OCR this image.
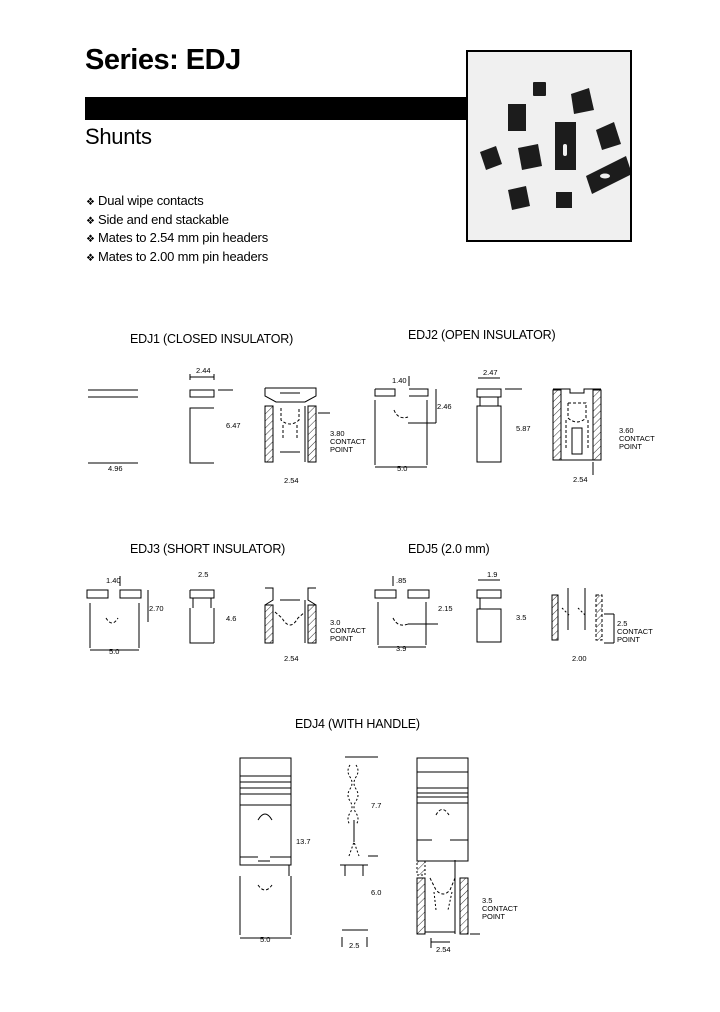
Series: EDJ
Shunts
❖ Dual wipe contacts
❖ Side and end stackable
❖ Mates to 2.54 mm pin headers
❖ Mates to 2.00 mm pin headers
EDJ1 (CLOSED INSULATOR)	EDJ2 (OPEN INSULATOR)
EDJ3 (SHORT INSULATOR)	EDJ5 (2.0 mm)
EDJ4 (WITH HANDLE)
4.96
2.44
6.47
3.80
CONTACT
POINT
2.54
1.40
2.46
5.0
2.47
5.87	3.60
CONTACT
POINT
2.54
1.40
2.70
5.0
2.5
4.6	3.0
CONTACT
POINT
2.54
.85
2.15
3.9
1.9
3.5
2.5
CONTACT
POINT
2.00
13.7
5.0
7.7
6.0
2.5
3.5
CONTACT
POINT
2.54
